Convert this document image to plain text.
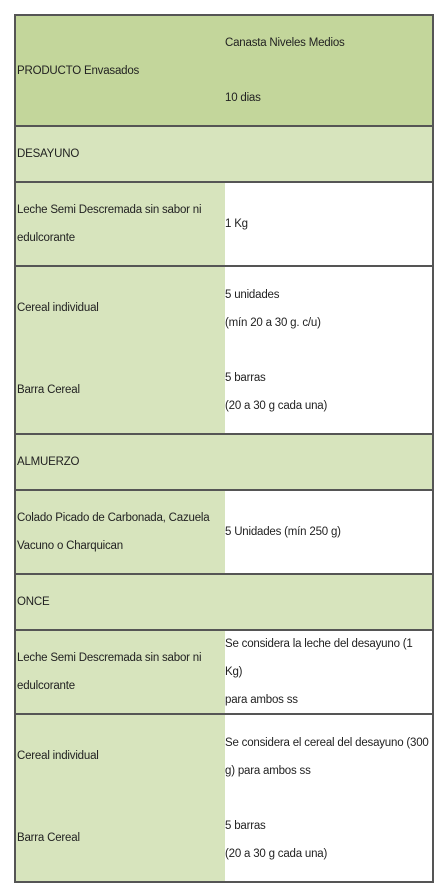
PRODUCTO Envasados
Canasta Niveles Medios
10 dias
DESAYUNO
Leche Semi Descremada sin sabor ni
edulcorante
1 Kg
Cereal individual
Barra Cereal
5 unidades
(mín 20 a 30 g. c/u)
5 barras
(20 a 30 g cada una)
ALMUERZO
Colado Picado de Carbonada, Cazuela
Vacuno o Charquican
5 Unidades (mín 250 g)
ONCE
Leche Semi Descremada sin sabor ni
edulcorante
Se considera la leche del desayuno (1 Kg)
para ambos ss
Cereal individual
Barra Cereal
Se considera el cereal del desayuno (300
g) para ambos ss
5 barras
(20 a 30 g cada una)
